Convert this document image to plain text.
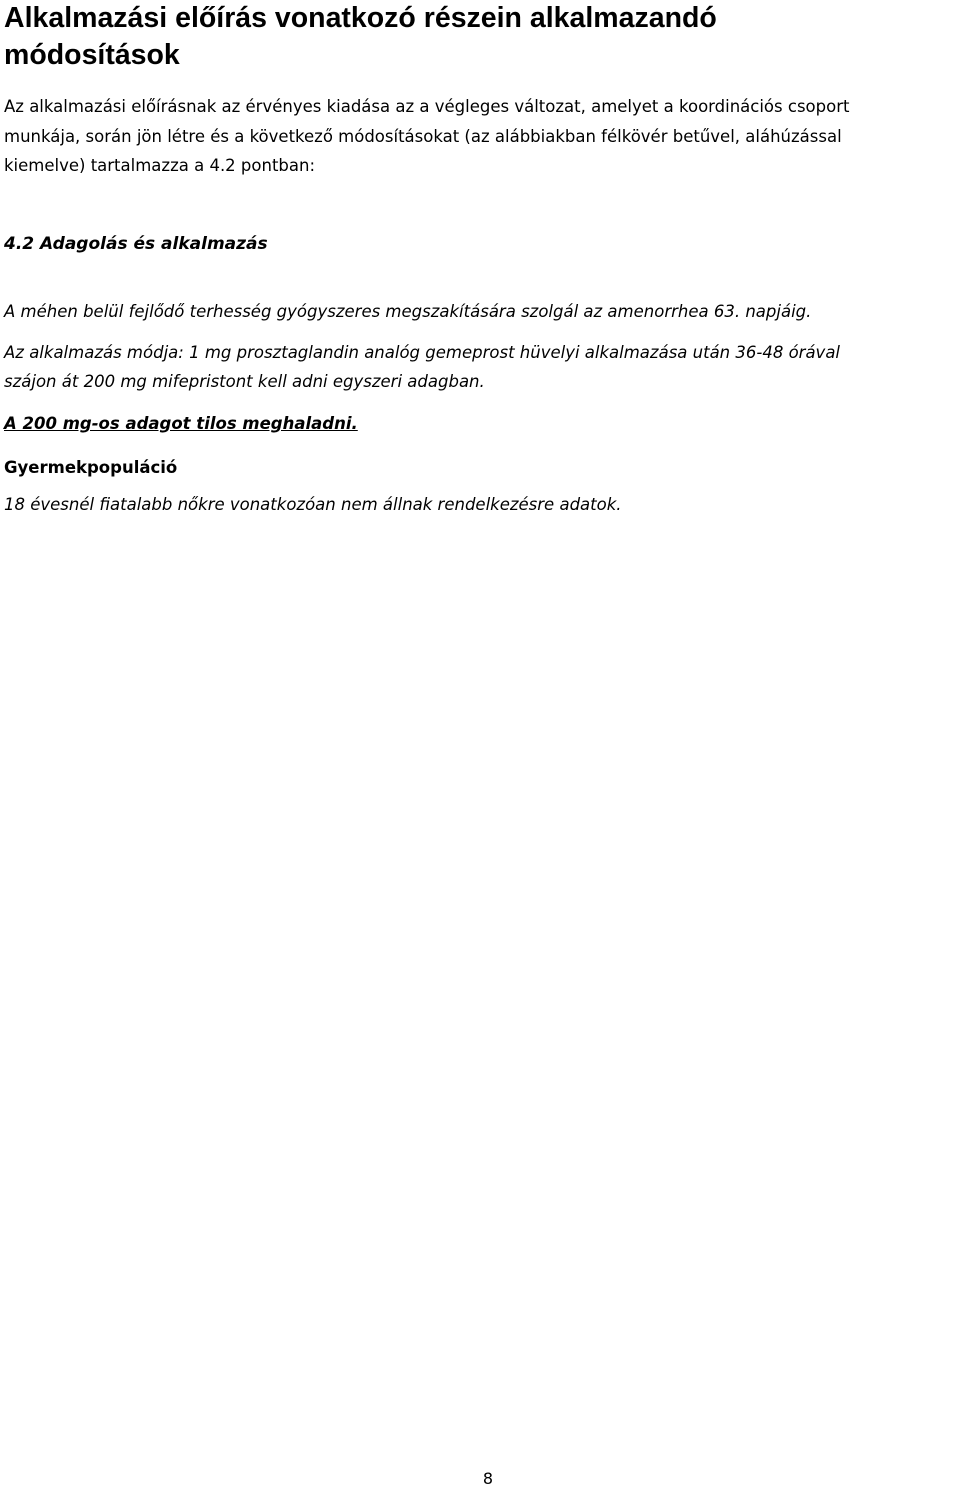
Alkalmazási előírás vonatkozó részein alkalmazandó
módosítások

Az alkalmazási előírásnak az érvényes kiadása az a végleges változat, amelyet a koordinációs csoport
munkája, során jön létre és a következő módosításokat (az alábbiakban félkövér betűvel, aláhúzással
kiemelve) tartalmazza a 4.2 pontban:

4.2 Adagolás és alkalmazás

A méhen belül fejlődő terhesség gyógyszeres megszakítására szolgál az amenorrhea 63. napjáig.

Az alkalmazás módja: 1 mg prosztaglandin analóg gemeprost hüvelyi alkalmazása után 36-48 órával
szájon át 200 mg mifepristont kell adni egyszeri adagban.

A 200 mg-os adagot tilos meghaladni.

Gyermekpopuláció

18 évesnél fiatalabb nőkre vonatkozóan nem állnak rendelkezésre adatok.

8
